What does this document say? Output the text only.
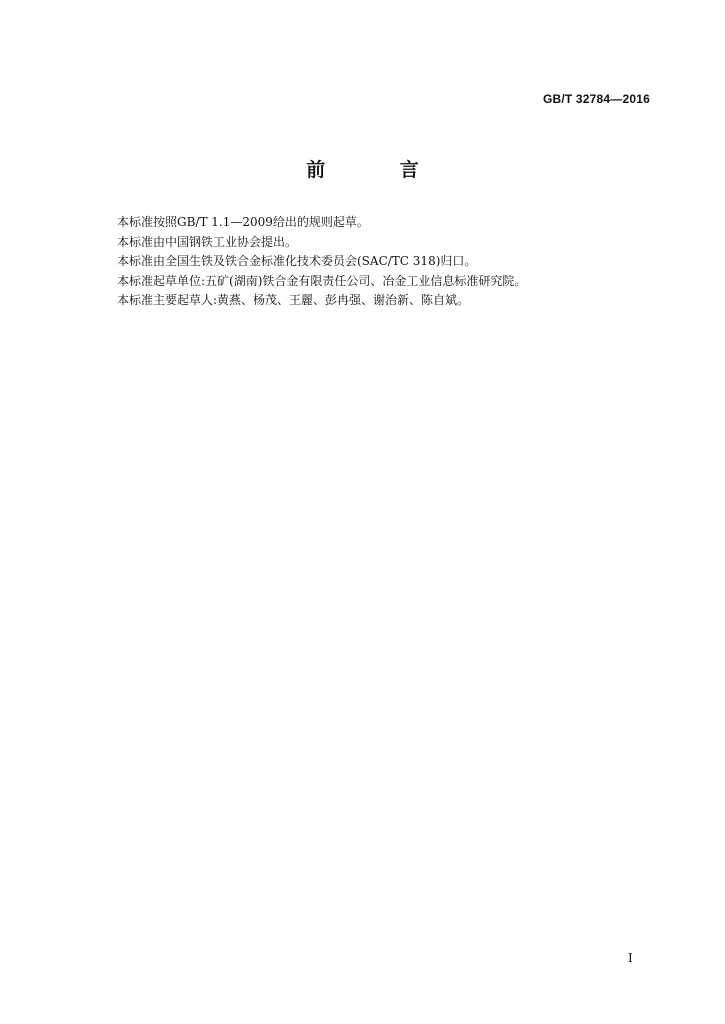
GB/T 32784—2016
前 言

本标准按照GB/T 1.1—2009给出的规则起草。

本标准由中国钢铁工业协会提出。

本标准由全国生铁及铁合金标准化技术委员会(SAC/TC 318)归口。

本标准起草单位:五矿(湖南)铁合金有限责任公司、冶金工业信息标准研究院。

本标准主要起草人:黄燕、杨茂、王麗、彭冉强、谢治新、陈自斌。

I
